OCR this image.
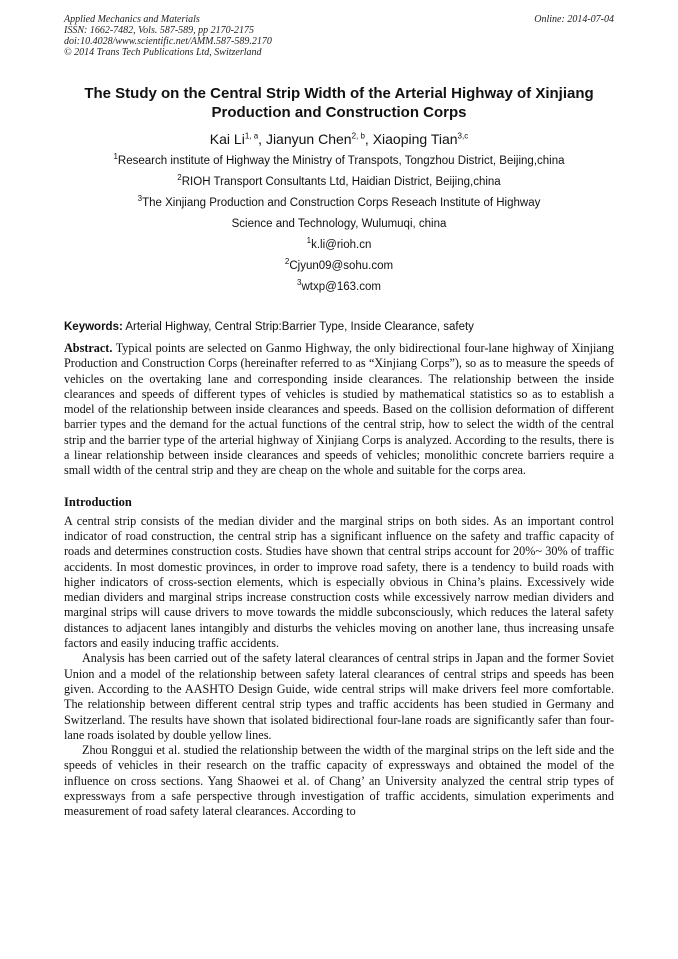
Applied Mechanics and Materials
ISSN: 1662-7482, Vols. 587-589, pp 2170-2175
doi:10.4028/www.scientific.net/AMM.587-589.2170
© 2014 Trans Tech Publications Ltd, Switzerland
Online: 2014-07-04
The Study on the Central Strip Width of the Arterial Highway of Xinjiang Production and Construction Corps
Kai Li$^{1, a}$, Jianyun Chen$^{2, b}$, Xiaoping Tian$^{3,c}$
$^1$Research institute of Highway the Ministry of Transpots, Tongzhou District, Beijing,china
$^2$RIOH Transport Consultants Ltd, Haidian District, Beijing,china
$^3$The Xinjiang Production and Construction Corps Reseach Institute of Highway
Science and Technology, Wulumuqi, china
$^1$k.li@rioh.cn
$^2$Cjyun09@sohu.com
$^3$wtxp@163.com
Keywords: Arterial Highway, Central Strip:Barrier Type, Inside Clearance, safety
Abstract. Typical points are selected on Ganmo Highway, the only bidirectional four-lane highway of Xinjiang Production and Construction Corps (hereinafter referred to as “Xinjiang Corps”), so as to measure the speeds of vehicles on the overtaking lane and corresponding inside clearances. The relationship between the inside clearances and speeds of different types of vehicles is studied by mathematical statistics so as to establish a model of the relationship between inside clearances and speeds. Based on the collision deformation of different barrier types and the demand for the actual functions of the central strip, how to select the width of the central strip and the barrier type of the arterial highway of Xinjiang Corps is analyzed. According to the results, there is a linear relationship between inside clearances and speeds of vehicles; monolithic concrete barriers require a small width of the central strip and they are cheap on the whole and suitable for the corps area.
Introduction

A central strip consists of the median divider and the marginal strips on both sides. As an important control indicator of road construction, the central strip has a significant influence on the safety and traffic capacity of roads and determines construction costs. Studies have shown that central strips account for 20%~ 30% of traffic accidents. In most domestic provinces, in order to improve road safety, there is a tendency to build roads with higher indicators of cross-section elements, which is especially obvious in China’s plains. Excessively wide median dividers and marginal strips increase construction costs while excessively narrow median dividers and marginal strips will cause drivers to move towards the middle subconsciously, which reduces the lateral safety distances to adjacent lanes intangibly and disturbs the vehicles moving on another lane, thus increasing unsafe factors and easily inducing traffic accidents.

Analysis has been carried out of the safety lateral clearances of central strips in Japan and the former Soviet Union and a model of the relationship between safety lateral clearances of central strips and speeds has been given. According to the AASHTO Design Guide, wide central strips will make drivers feel more comfortable. The relationship between different central strip types and traffic accidents has been studied in Germany and Switzerland. The results have shown that isolated bidirectional four-lane roads are significantly safer than four-lane roads isolated by double yellow lines.

Zhou Ronggui et al. studied the relationship between the width of the marginal strips on the left side and the speeds of vehicles in their research on the traffic capacity of expressways and obtained the model of the influence on cross sections. Yang Shaowei et al. of Chang’ an University analyzed the central strip types of expressways from a safe perspective through investigation of traffic accidents, simulation experiments and measurement of road safety lateral clearances. According to
